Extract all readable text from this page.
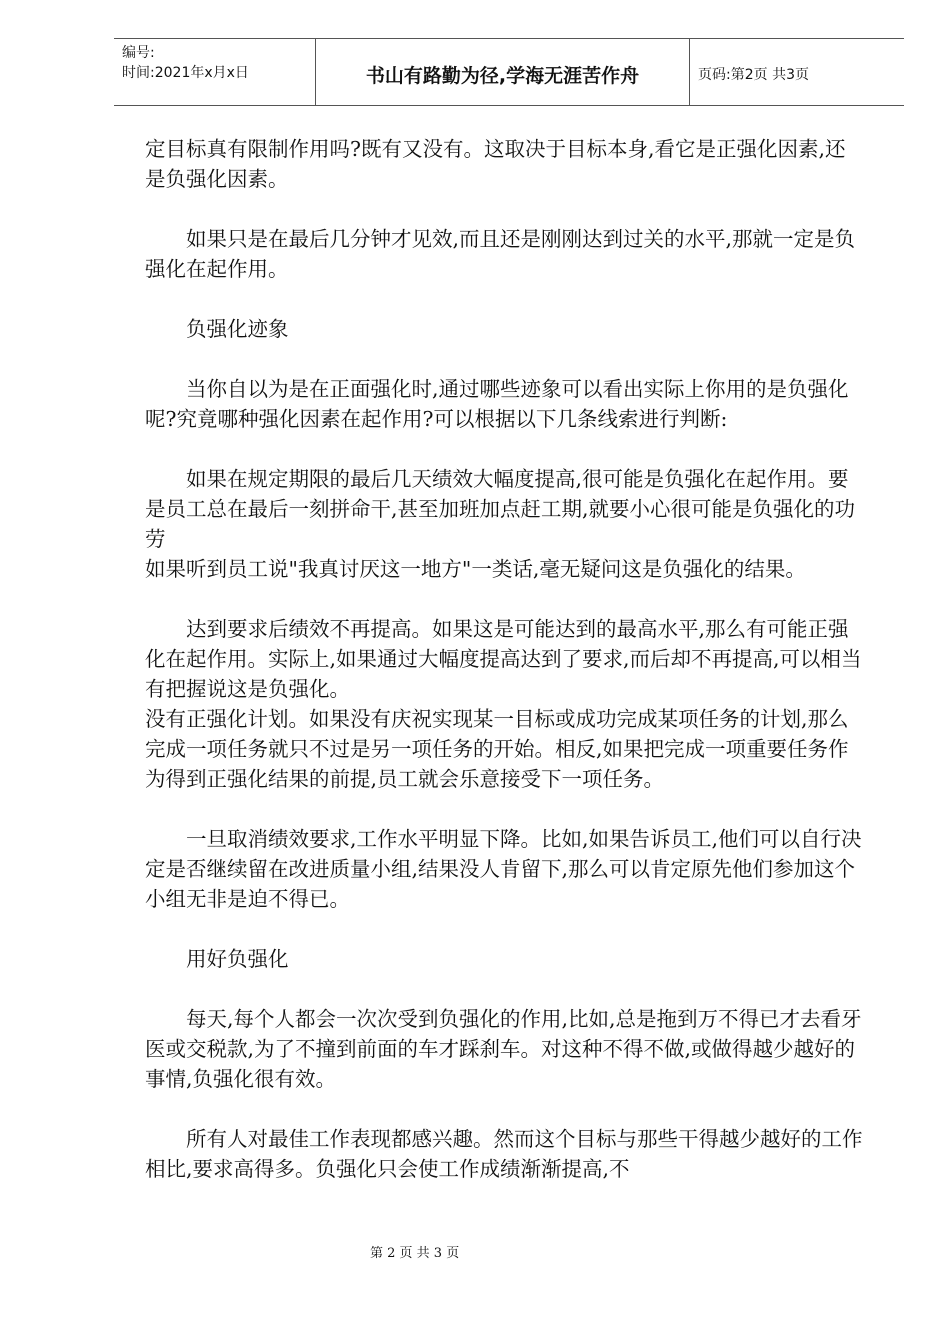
编号:
时间:2021年x月x日	书山有路勤为径,学海无涯苦作舟	页码:第2页 共3页

定目标真有限制作用吗?既有又没有。这取决于目标本身,看它是正强化因素,还是负强化因素。

如果只是在最后几分钟才见效,而且还是刚刚达到过关的水平,那就一定是负强化在起作用。

负强化迹象

当你自以为是在正面强化时,通过哪些迹象可以看出实际上你用的是负强化呢?究竟哪种强化因素在起作用?可以根据以下几条线索进行判断:

如果在规定期限的最后几天绩效大幅度提高,很可能是负强化在起作用。要是员工总在最后一刻拼命干,甚至加班加点赶工期,就要小心很可能是负强化的功劳

如果听到员工说"我真讨厌这一地方"一类话,毫无疑问这是负强化的结果。

达到要求后绩效不再提高。如果这是可能达到的最高水平,那么有可能正强化在起作用。实际上,如果通过大幅度提高达到了要求,而后却不再提高,可以相当有把握说这是负强化。

没有正强化计划。如果没有庆祝实现某一目标或成功完成某项任务的计划,那么完成一项任务就只不过是另一项任务的开始。相反,如果把完成一项重要任务作为得到正强化结果的前提,员工就会乐意接受下一项任务。

一旦取消绩效要求,工作水平明显下降。比如,如果告诉员工,他们可以自行决定是否继续留在改进质量小组,结果没人肯留下,那么可以肯定原先他们参加这个小组无非是迫不得已。

用好负强化

每天,每个人都会一次次受到负强化的作用,比如,总是拖到万不得已才去看牙医或交税款,为了不撞到前面的车才踩刹车。对这种不得不做,或做得越少越好的事情,负强化很有效。

所有人对最佳工作表现都感兴趣。然而这个目标与那些干得越少越好的工作相比,要求高得多。负强化只会使工作成绩渐渐提高,不

第 2 页 共 3 页
